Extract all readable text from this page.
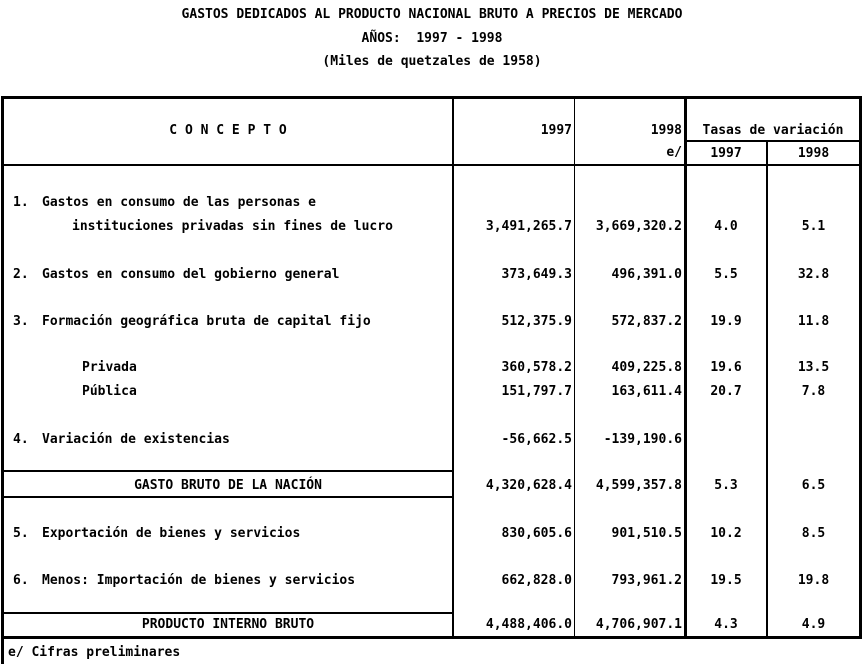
GASTOS DEDICADOS AL PRODUCTO NACIONAL BRUTO A PRECIOS DE MERCADO
AÑOS:  1997 - 1998
(Miles de quetzales de 1958)
C O N C E P T O	1997	1998
e/
Tasas de variación
1997	1998
1. Gastos en consumo de las personas e
instituciones privadas sin fines de lucro	3,491,265.7	3,669,320.2	4.0	5.1
2. Gastos en consumo del gobierno general	373,649.3	496,391.0	5.5	32.8
3. Formación geográfica bruta de capital fijo	512,375.9	572,837.2	19.9	11.8
Privada	360,578.2	409,225.8	19.6	13.5
Pública	151,797.7	163,611.4	20.7	7.8
4. Variación de existencias	-56,662.5	-139,190.6
GASTO BRUTO DE LA NACIÓN	4,320,628.4	4,599,357.8	5.3	6.5
5. Exportación de bienes y servicios	830,605.6	901,510.5	10.2	8.5
6. Menos: Importación de bienes y servicios	662,828.0	793,961.2	19.5	19.8
PRODUCTO INTERNO BRUTO	4,488,406.0	4,706,907.1	4.3	4.9
e/ Cifras preliminares
